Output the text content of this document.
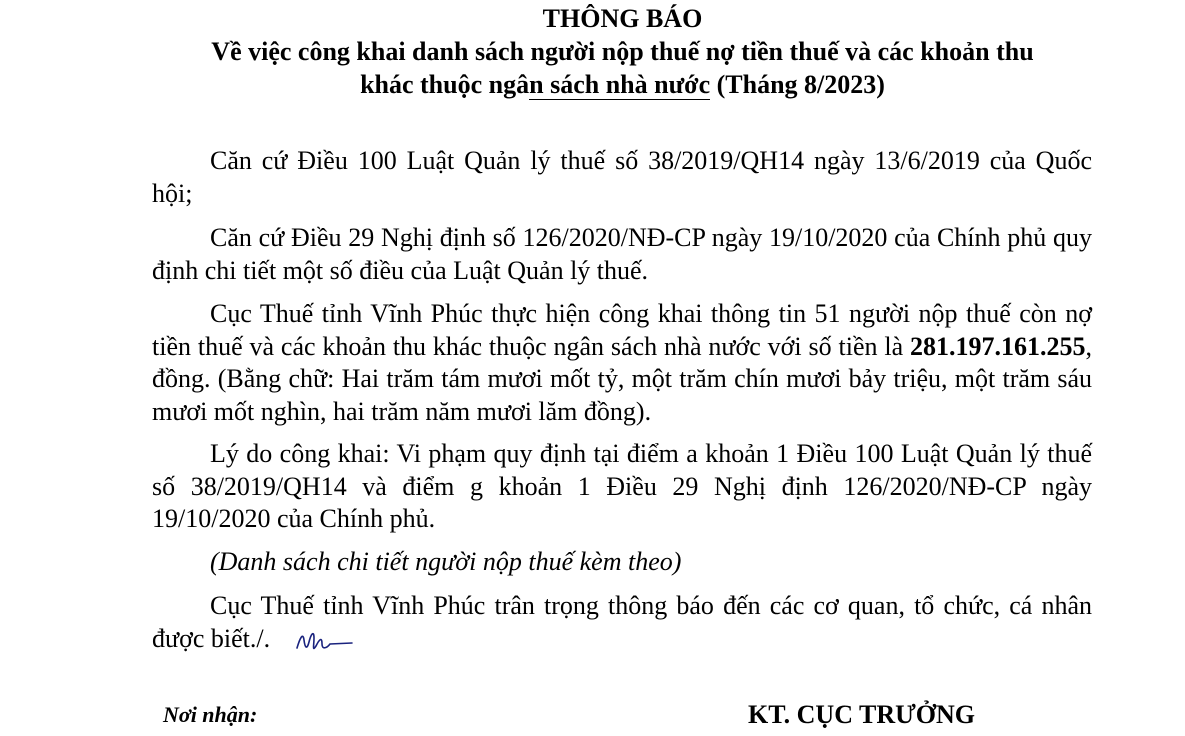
THÔNG BÁO
Về việc công khai danh sách người nộp thuế nợ tiền thuế và các khoản thu
khác thuộc ngân sách nhà nước (Tháng 8/2023)

Căn cứ Điều 100 Luật Quản lý thuế số 38/2019/QH14 ngày 13/6/2019 của Quốc hội;

Căn cứ Điều 29 Nghị định số 126/2020/NĐ-CP ngày 19/10/2020 của Chính phủ quy định chi tiết một số điều của Luật Quản lý thuế.

Cục Thuế tỉnh Vĩnh Phúc thực hiện công khai thông tin 51 người nộp thuế còn nợ tiền thuế và các khoản thu khác thuộc ngân sách nhà nước với số tiền là 281.197.161.255, đồng. (Bằng chữ: Hai trăm tám mươi mốt tỷ, một trăm chín mươi bảy triệu, một trăm sáu mươi mốt nghìn, hai trăm năm mươi lăm đồng).

Lý do công khai: Vi phạm quy định tại điểm a khoản 1 Điều 100 Luật Quản lý thuế số 38/2019/QH14 và điểm g khoản 1 Điều 29 Nghị định 126/2020/NĐ-CP ngày 19/10/2020 của Chính phủ.

(Danh sách chi tiết người nộp thuế kèm theo)

Cục Thuế tỉnh Vĩnh Phúc trân trọng thông báo đến các cơ quan, tổ chức, cá nhân được biết./.

Nơi nhận:	KT. CỤC TRƯỞNG
